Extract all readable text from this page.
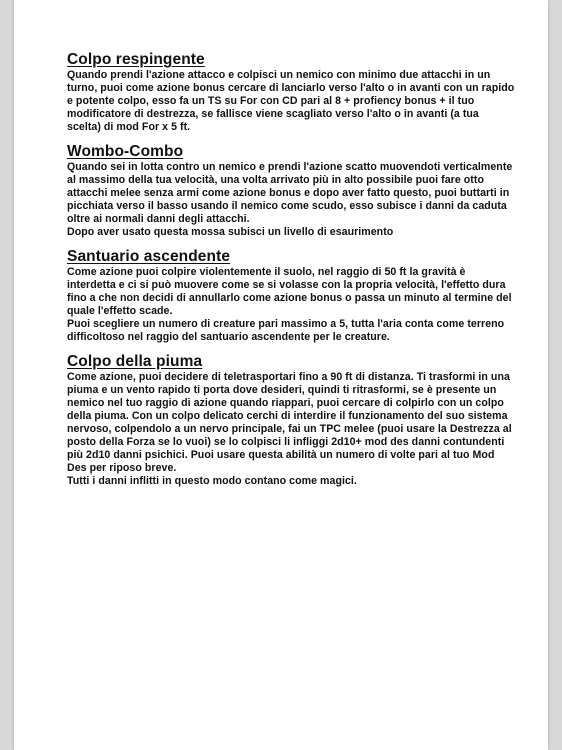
Colpo respingente

Quando prendi l'azione attacco e colpisci un nemico con minimo due attacchi in un turno, puoi come azione bonus cercare di lanciarlo verso l'alto o in avanti con un rapido e potente colpo, esso fa un TS su For con CD pari al 8 + profiency bonus + il tuo modificatore di destrezza, se fallisce viene scagliato verso l'alto o in avanti (a tua scelta) di mod For x 5 ft.

Wombo-Combo

Quando sei in lotta contro un nemico e prendi l'azione scatto muovendoti verticalmente al massimo della tua velocità, una volta arrivato più in alto possibile puoi fare otto attacchi melee senza armi come azione bonus e dopo aver fatto questo, puoi buttarti in picchiata verso il basso usando il nemico come scudo, esso subisce i danni da caduta oltre ai normali danni degli attacchi.

Dopo aver usato questa mossa subisci un livello di esaurimento

Santuario ascendente

Come azione puoi colpire violentemente il suolo, nel raggio di 50 ft la gravità è interdetta e ci si può muovere come se si volasse con la propria velocità, l'effetto dura fino a che non decidi di annullarlo come azione bonus o passa un minuto al termine del quale l'effetto scade.

Puoi scegliere un numero di creature pari massimo a 5, tutta l'aria conta come terreno difficoltoso nel raggio del santuario ascendente per le creature.

Colpo della piuma

Come azione, puoi decidere di teletrasportari fino a 90 ft di distanza. Ti trasformi in una piuma e un vento rapido ti porta dove desideri, quindi ti ritrasformi, se è presente un nemico nel tuo raggio di azione quando riappari, puoi cercare di colpirlo con un colpo della piuma. Con un colpo delicato cerchi di interdire il funzionamento del suo sistema nervoso, colpendolo a un nervo principale, fai un TPC melee (puoi usare la Destrezza al posto della Forza se lo vuoi) se lo colpisci li infliggi 2d10+ mod des danni contundenti più 2d10 danni psichici. Puoi usare questa abilità un numero di volte pari al tuo Mod Des per riposo breve.

Tutti i danni inflitti in questo modo contano come magici.
